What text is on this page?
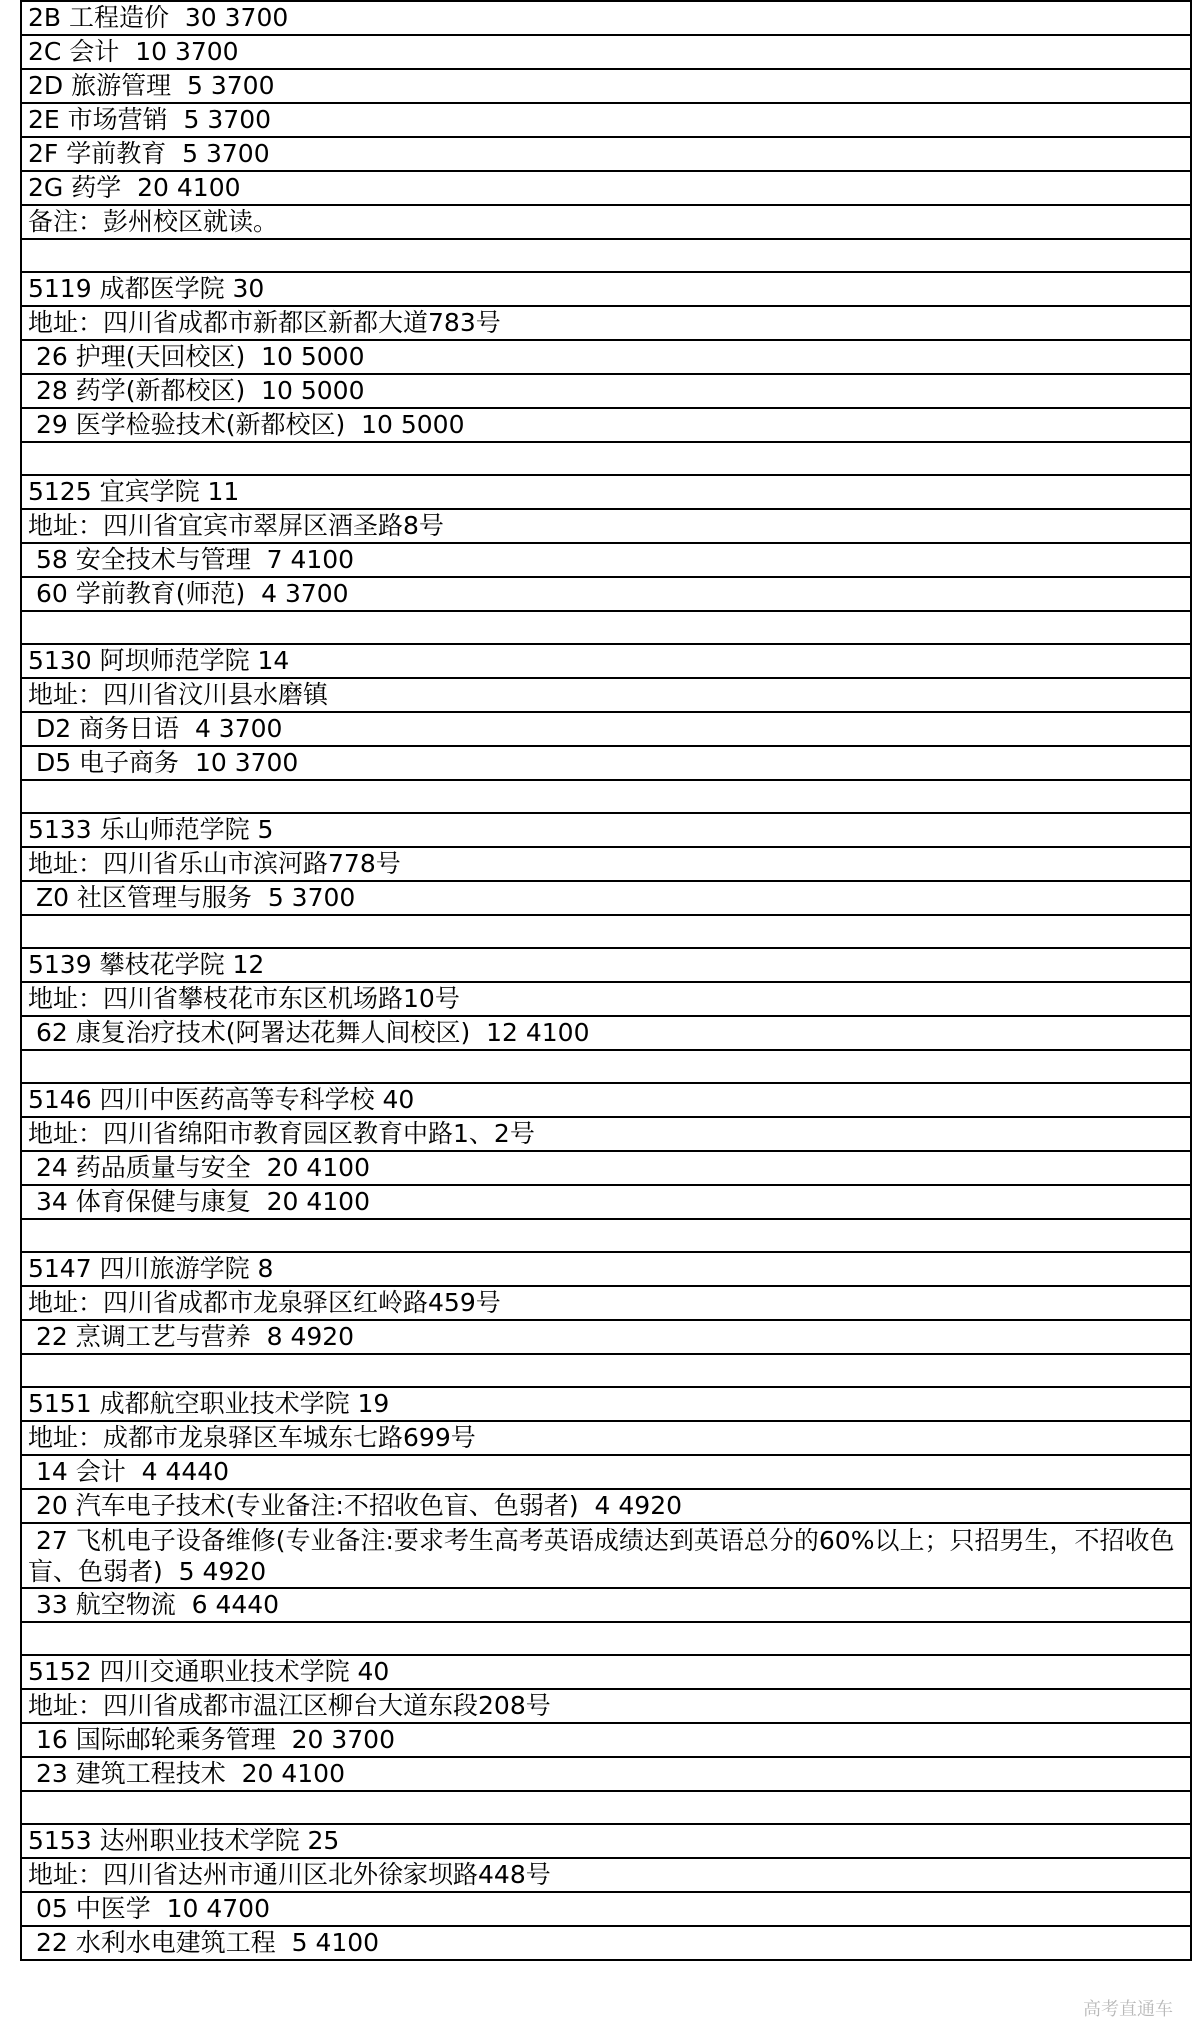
2B 工程造价  30 3700
2C 会计  10 3700
2D 旅游管理  5 3700
2E 市场营销  5 3700
2F 学前教育  5 3700
2G 药学  20 4100
备注：彭州校区就读。

5119 成都医学院 30
地址：四川省成都市新都区新都大道783号
26 护理(天回校区)  10 5000
28 药学(新都校区)  10 5000
29 医学检验技术(新都校区)  10 5000

5125 宜宾学院 11
地址：四川省宜宾市翠屏区酒圣路8号
58 安全技术与管理  7 4100
60 学前教育(师范)  4 3700

5130 阿坝师范学院 14
地址：四川省汶川县水磨镇
D2 商务日语  4 3700
D5 电子商务  10 3700

5133 乐山师范学院 5
地址：四川省乐山市滨河路778号
Z0 社区管理与服务  5 3700

5139 攀枝花学院 12
地址：四川省攀枝花市东区机场路10号
62 康复治疗技术(阿署达花舞人间校区)  12 4100

5146 四川中医药高等专科学校 40
地址：四川省绵阳市教育园区教育中路1、2号
24 药品质量与安全  20 4100
34 体育保健与康复  20 4100

5147 四川旅游学院 8
地址：四川省成都市龙泉驿区红岭路459号
22 烹调工艺与营养  8 4920

5151 成都航空职业技术学院 19
地址：成都市龙泉驿区车城东七路699号
14 会计  4 4440
20 汽车电子技术(专业备注:不招收色盲、色弱者)  4 4920
27 飞机电子设备维修(专业备注:要求考生高考英语成绩达到英语总分的60%以上；只招男生，不招收色盲、色弱者)  5 4920
33 航空物流  6 4440

5152 四川交通职业技术学院 40
地址：四川省成都市温江区柳台大道东段208号
16 国际邮轮乘务管理  20 3700
23 建筑工程技术  20 4100

5153 达州职业技术学院 25
地址：四川省达州市通川区北外徐家坝路448号
05 中医学  10 4700
22 水利水电建筑工程  5 4100
高考直通车
